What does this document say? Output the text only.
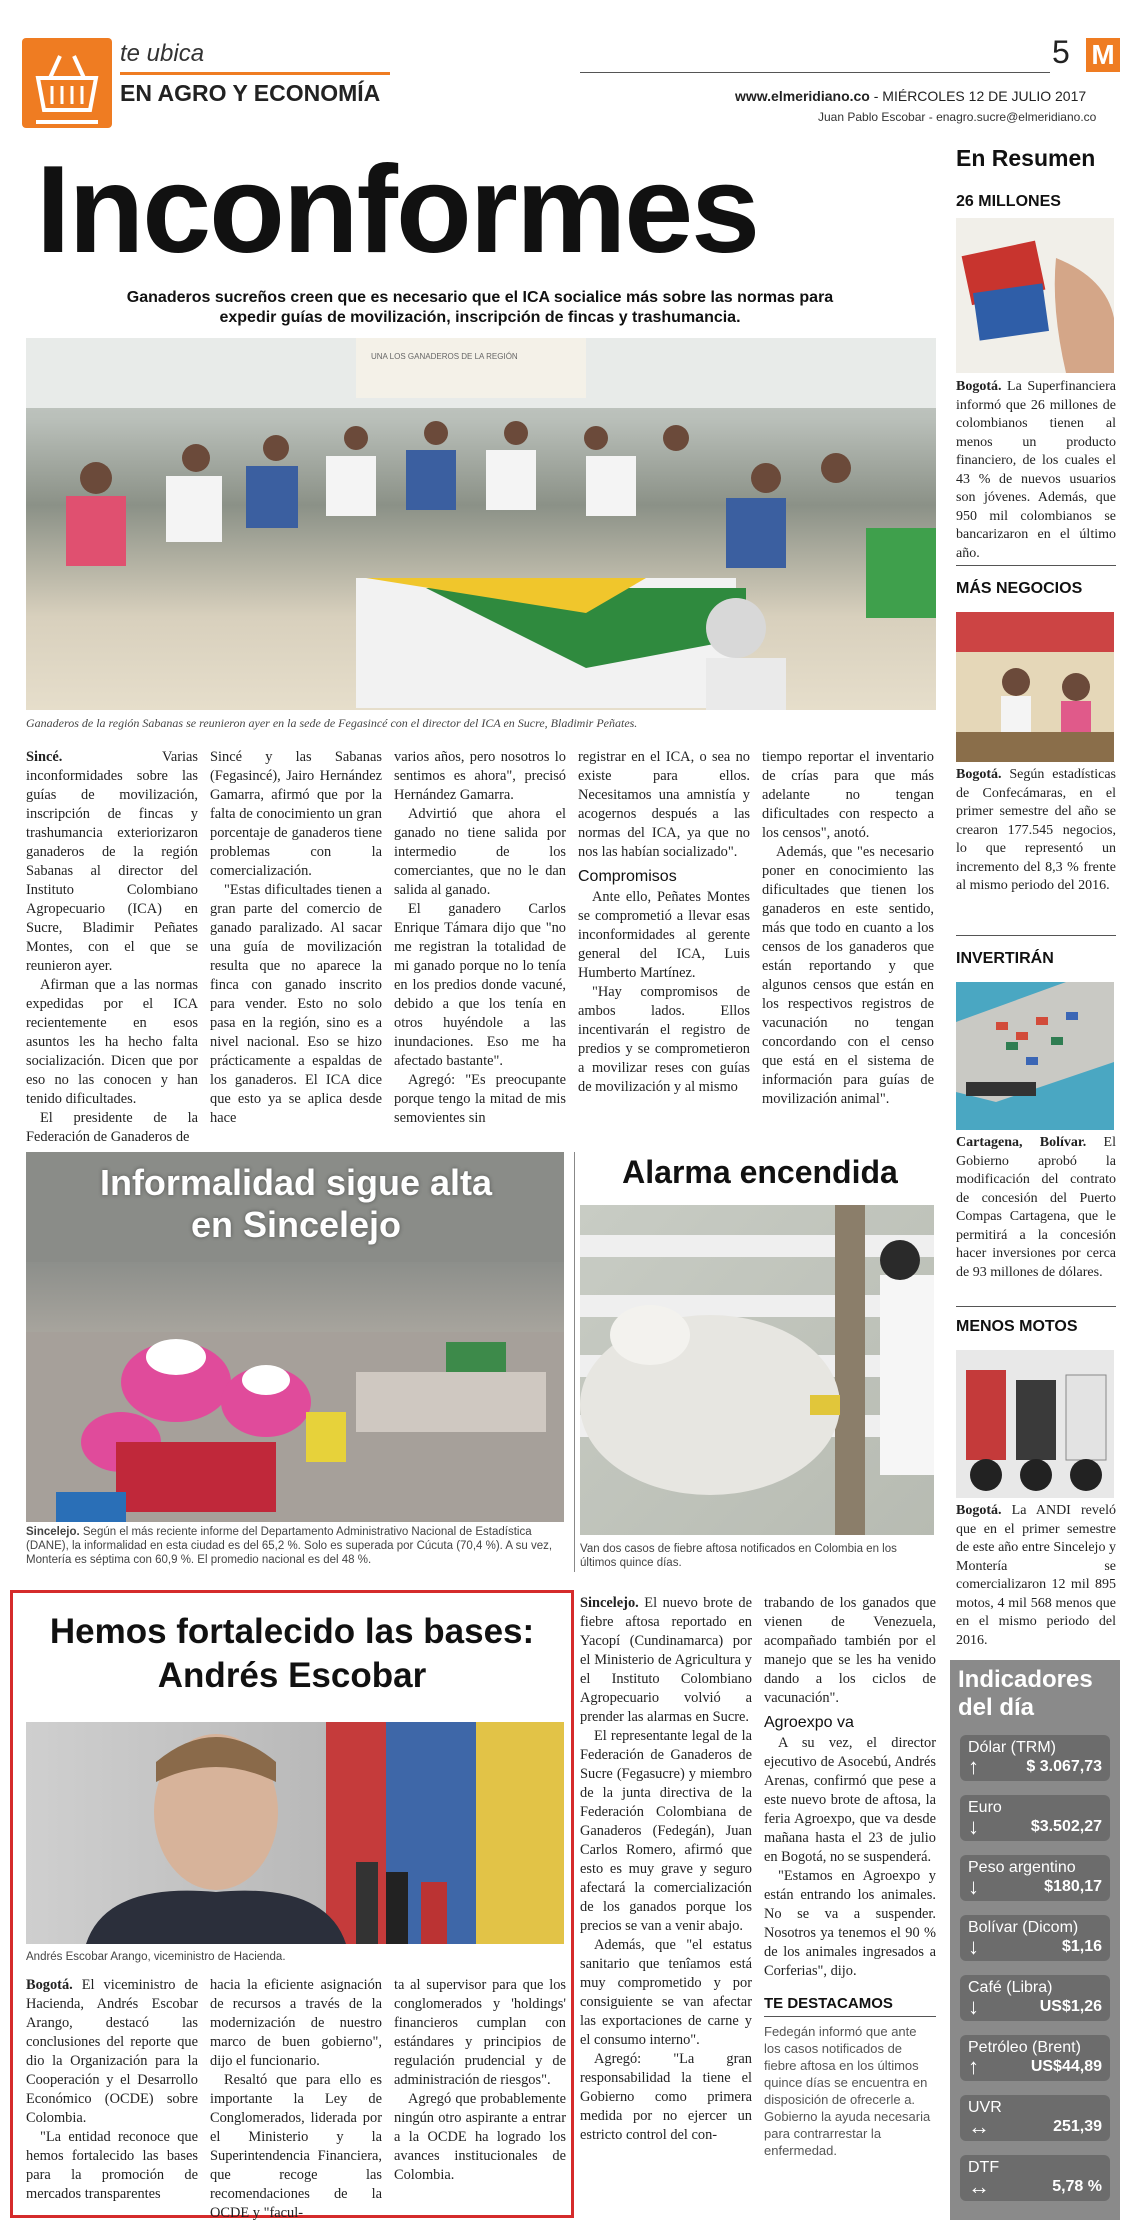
te ubica
EN AGRO Y ECONOMÍA
5 M
www.elmeridiano.co - MIÉRCOLES 12 DE JULIO 2017
Juan Pablo Escobar - enagro.sucre@elmeridiano.co
Inconformes
Ganaderos sucreños creen que es necesario que el ICA socialice más sobre las normas para expedir guías de movilización, inscripción de fincas y trashumancia.
UNA LOS GANADEROS DE LA REGIÓN
Ganaderos de la región Sabanas se reunieron ayer en la sede de Fegasincé con el director del ICA en Sucre, Bladimir Peñates.

Sincé.	Varias inconformidades sobre las guías de movilización, inscripción de fincas y trashumancia exteriorizaron ganaderos de la región Sabanas al director del Instituto Colombiano Agropecuario (ICA) en Sucre, Bladimir Peñates Montes, con el que se reunieron ayer.

Afirman que a las normas expedidas por el ICA recientemente en esos asuntos les ha hecho falta socialización. Dicen que por eso no las conocen y han tenido dificultades.

El presidente de la Federación de Ganaderos de

Sincé y las Sabanas (Fegasincé), Jairo Hernández Gamarra, afirmó que por la falta de conocimiento un gran porcentaje de ganaderos tiene problemas con la comercialización.

"Estas dificultades tienen a gran parte del comercio de ganado paralizado. Al sacar una guía de movilización resulta que no aparece la finca con ganado inscrito para vender. Esto no solo pasa en la región, sino es a nivel nacional. Eso se hizo prácticamente a espaldas de los ganaderos. El ICA dice que esto ya se aplica desde hace

varios años, pero nosotros lo sentimos es ahora", precisó Hernández Gamarra.

Advirtió que ahora el ganado no tiene salida por intermedio de los comerciantes, que no le dan salida al ganado.

El ganadero Carlos Enrique Támara dijo que "no me registran la totalidad de mi ganado porque no lo tenía en los predios donde vacuné, debido a que los tenía en otros huyéndole a las inundaciones. Eso me ha afectado bastante".

Agregó: "Es preocupante porque tengo la mitad de mis semovientes sin

registrar en el ICA, o sea no existe para ellos. Necesitamos una amnistía y acogernos después a las normas del ICA, ya que no nos las habían socializado".

Compromisos

Ante ello, Peñates Montes se comprometió a llevar esas inconformidades al gerente general del ICA, Luis Humberto Martínez.

"Hay compromisos de ambos lados. Ellos incentivarán el registro de predios y se comprometieron a movilizar reses con guías de movilización y al mismo

tiempo reportar el inventario de crías para que más adelante no tengan dificultades con respecto a los censos", anotó.

Además, que "es necesario poner en conocimiento las dificultades que tienen los ganaderos en este sentido, más que todo en cuanto a los censos de los ganaderos que están reportando y que algunos censos que están en los respectivos registros de vacunación no tengan concordando con el censo que está en el sistema de información para guías de movilización animal".

Informalidad sigue alta en Sincelejo
Sincelejo. Según el más reciente informe del Departamento Administrativo Nacional de Estadística (DANE), la informalidad en esta ciudad es del 65,2 %. Solo es superada por Cúcuta (70,4 %). A su vez, Montería es séptima con 60,9 %. El promedio nacional es del 48 %.
Alarma encendida
Van dos casos de fiebre aftosa notificados en Colombia en los últimos quince días.
Hemos fortalecido las bases: Andrés Escobar
Andrés Escobar Arango, viceministro de Hacienda.

Bogotá. El viceministro de Hacienda, Andrés Escobar Arango, destacó las conclusiones del reporte que dio la Organización para la Cooperación y el Desarrollo Económico (OCDE) sobre Colombia.

"La entidad reconoce que hemos fortalecido las bases para la promoción de mercados transparentes

hacia la eficiente asignación de recursos a través de la modernización de nuestro marco de buen gobierno", dijo el funcionario.

Resaltó que para ello es importante la Ley de Conglomerados, liderada por el Ministerio y la Superintendencia Financiera, que recoge las recomendaciones de la OCDE y "facul-

ta al supervisor para que los conglomerados y 'holdings' financieros cumplan con estándares y principios de regulación prudencial y de administración de riesgos".

Agregó que probablemente ningún otro aspirante a entrar a la OCDE ha logrado los avances institucionales de Colombia.

Sincelejo. El nuevo brote de fiebre aftosa reportado en Yacopí (Cundinamarca) por el Ministerio de Agricultura y el Instituto Colombiano Agropecuario volvió a prender las alarmas en Sucre.

El representante legal de la Federación de Ganaderos de Sucre (Fegasucre) y miembro de la junta directiva de la Federación Colombiana de Ganaderos (Fedegán), Juan Carlos Romero, afirmó que esto es muy grave y seguro afectará la comercialización de los ganados porque los precios se van a venir abajo.

Además, que "el estatus sanitario que tenîamos está muy comprometido y por consiguiente se van afectar las exportaciones de carne y el consumo interno".

Agregó: "La gran responsabilidad la tiene el Gobierno como primera medida por no ejercer un estricto control del con-

trabando de los ganados que vienen de Venezuela, acompañado también por el manejo que se les ha venido dando a los ciclos de vacunación".

Agroexpo va

A su vez, el director ejecutivo de Asocebú, Andrés Arenas, confirmó que pese a este nuevo brote de aftosa, la feria Agroexpo, que va desde mañana hasta el 23 de julio en Bogotá, no se suspenderá.

"Estamos en Agroexpo y están entrando los animales. No se va a suspender. Nosotros ya tenemos el 90 % de los animales ingresados a Corferias", dijo.

TE DESTACAMOS
Fedegán informó que ante los casos notificados de fiebre aftosa en los últimos quince días se encuentra en disposición de ofrecerle a. Gobierno la ayuda necesaria para contrarrestar la enfermedad.
En Resumen
26 MILLONES
Bogotá. La Superfinanciera informó que 26 millones de colombianos tienen al menos un producto financiero, de los cuales el 43 % de nuevos usuarios son jóvenes. Además, que 950 mil colombianos se bancarizaron en el último año.
MÁS NEGOCIOS
Bogotá. Según estadísticas de Confecámaras, en el primer semestre del año se crearon 177.545 negocios, lo que representó un incremento del 8,3 % frente al mismo periodo del 2016.
INVERTIRÁN
Cartagena, Bolívar. El Gobierno aprobó la modificación del contrato de concesión del Puerto Compas Cartagena, que le permitirá a la concesión hacer inversiones por cerca de 93 millones de dólares.
MENOS MOTOS
Bogotá. La ANDI reveló que en el primer semestre de este año entre Sincelejo y Montería se comercializaron 12 mil 895 motos, 4 mil 568 menos que en el mismo periodo del 2016.
Indicadores del día
Dólar (TRM)
↑	$ 3.067,73
Euro
↓	$3.502,27
Peso argentino
↓	$180,17
Bolívar (Dicom)
↓	$1,16
Café (Libra)
↓	US$1,26
Petróleo (Brent)
↑	US$44,89
UVR
↔	251,39
DTF
↔	5,78 %
